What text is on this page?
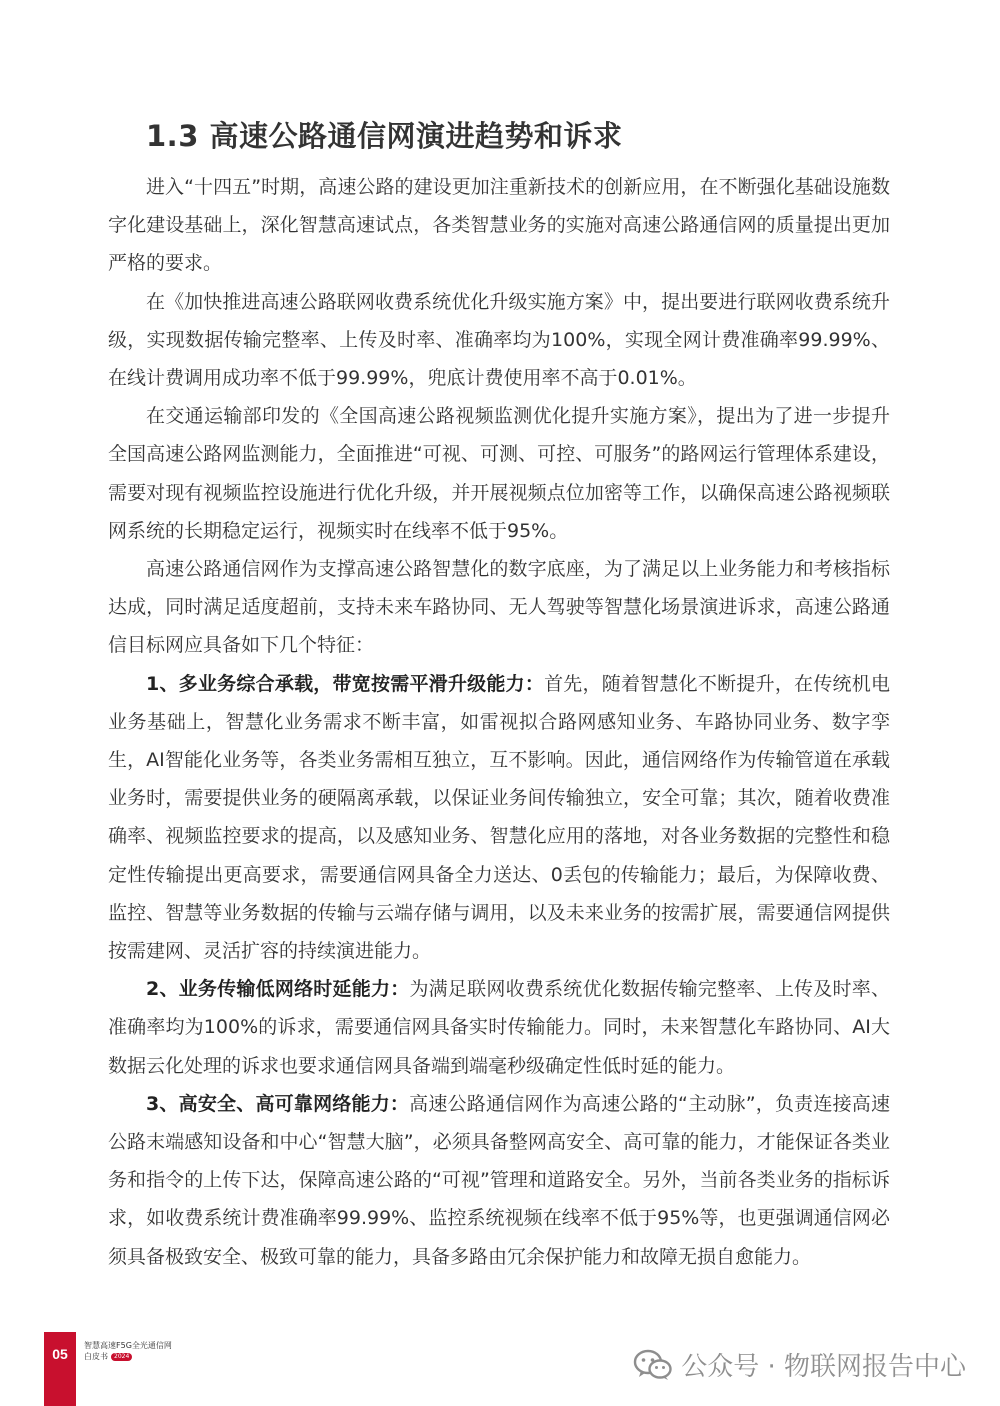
1.3 高速公路通信网演进趋势和诉求

进入“十四五”时期，高速公路的建设更加注重新技术的创新应用，在不断强化基础设施数字化建设基础上，深化智慧高速试点，各类智慧业务的实施对高速公路通信网的质量提出更加严格的要求。

在《加快推进高速公路联网收费系统优化升级实施方案》中，提出要进行联网收费系统升级，实现数据传输完整率、上传及时率、准确率均为100%，实现全网计费准确率99.99%、在线计费调用成功率不低于99.99%，兜底计费使用率不高于0.01%。

在交通运输部印发的《全国高速公路视频监测优化提升实施方案》，提出为了进一步提升全国高速公路网监测能力，全面推进“可视、可测、可控、可服务”的路网运行管理体系建设，需要对现有视频监控设施进行优化升级，并开展视频点位加密等工作，以确保高速公路视频联网系统的长期稳定运行，视频实时在线率不低于95%。

高速公路通信网作为支撑高速公路智慧化的数字底座，为了满足以上业务能力和考核指标达成，同时满足适度超前，支持未来车路协同、无人驾驶等智慧化场景演进诉求，高速公路通信目标网应具备如下几个特征：

1、多业务综合承载，带宽按需平滑升级能力：首先，随着智慧化不断提升，在传统机电业务基础上，智慧化业务需求不断丰富，如雷视拟合路网感知业务、车路协同业务、数字孪生，AI智能化业务等，各类业务需相互独立，互不影响。因此，通信网络作为传输管道在承载业务时，需要提供业务的硬隔离承载，以保证业务间传输独立，安全可靠；其次，随着收费准确率、视频监控要求的提高，以及感知业务、智慧化应用的落地，对各业务数据的完整性和稳定性传输提出更高要求，需要通信网具备全力送达、0丢包的传输能力；最后，为保障收费、监控、智慧等业务数据的传输与云端存储与调用，以及未来业务的按需扩展，需要通信网提供按需建网、灵活扩容的持续演进能力。

2、业务传输低网络时延能力：为满足联网收费系统优化数据传输完整率、上传及时率、准确率均为100%的诉求，需要通信网具备实时传输能力。同时，未来智慧化车路协同、AI大数据云化处理的诉求也要求通信网具备端到端毫秒级确定性低时延的能力。

3、高安全、高可靠网络能力：高速公路通信网作为高速公路的“主动脉”，负责连接高速公路末端感知设备和中心“智慧大脑”，必须具备整网高安全、高可靠的能力，才能保证各类业务和指令的上传下达，保障高速公路的“可视”管理和道路安全。另外，当前各类业务的指标诉求，如收费系统计费准确率99.99%、监控系统视频在线率不低于95%等，也更强调通信网必须具备极致安全、极致可靠的能力，具备多路由冗余保护能力和故障无损自愈能力。

05
智慧高速F5G全光通信网
白皮书 2024	公众号 · 物联网报告中心
